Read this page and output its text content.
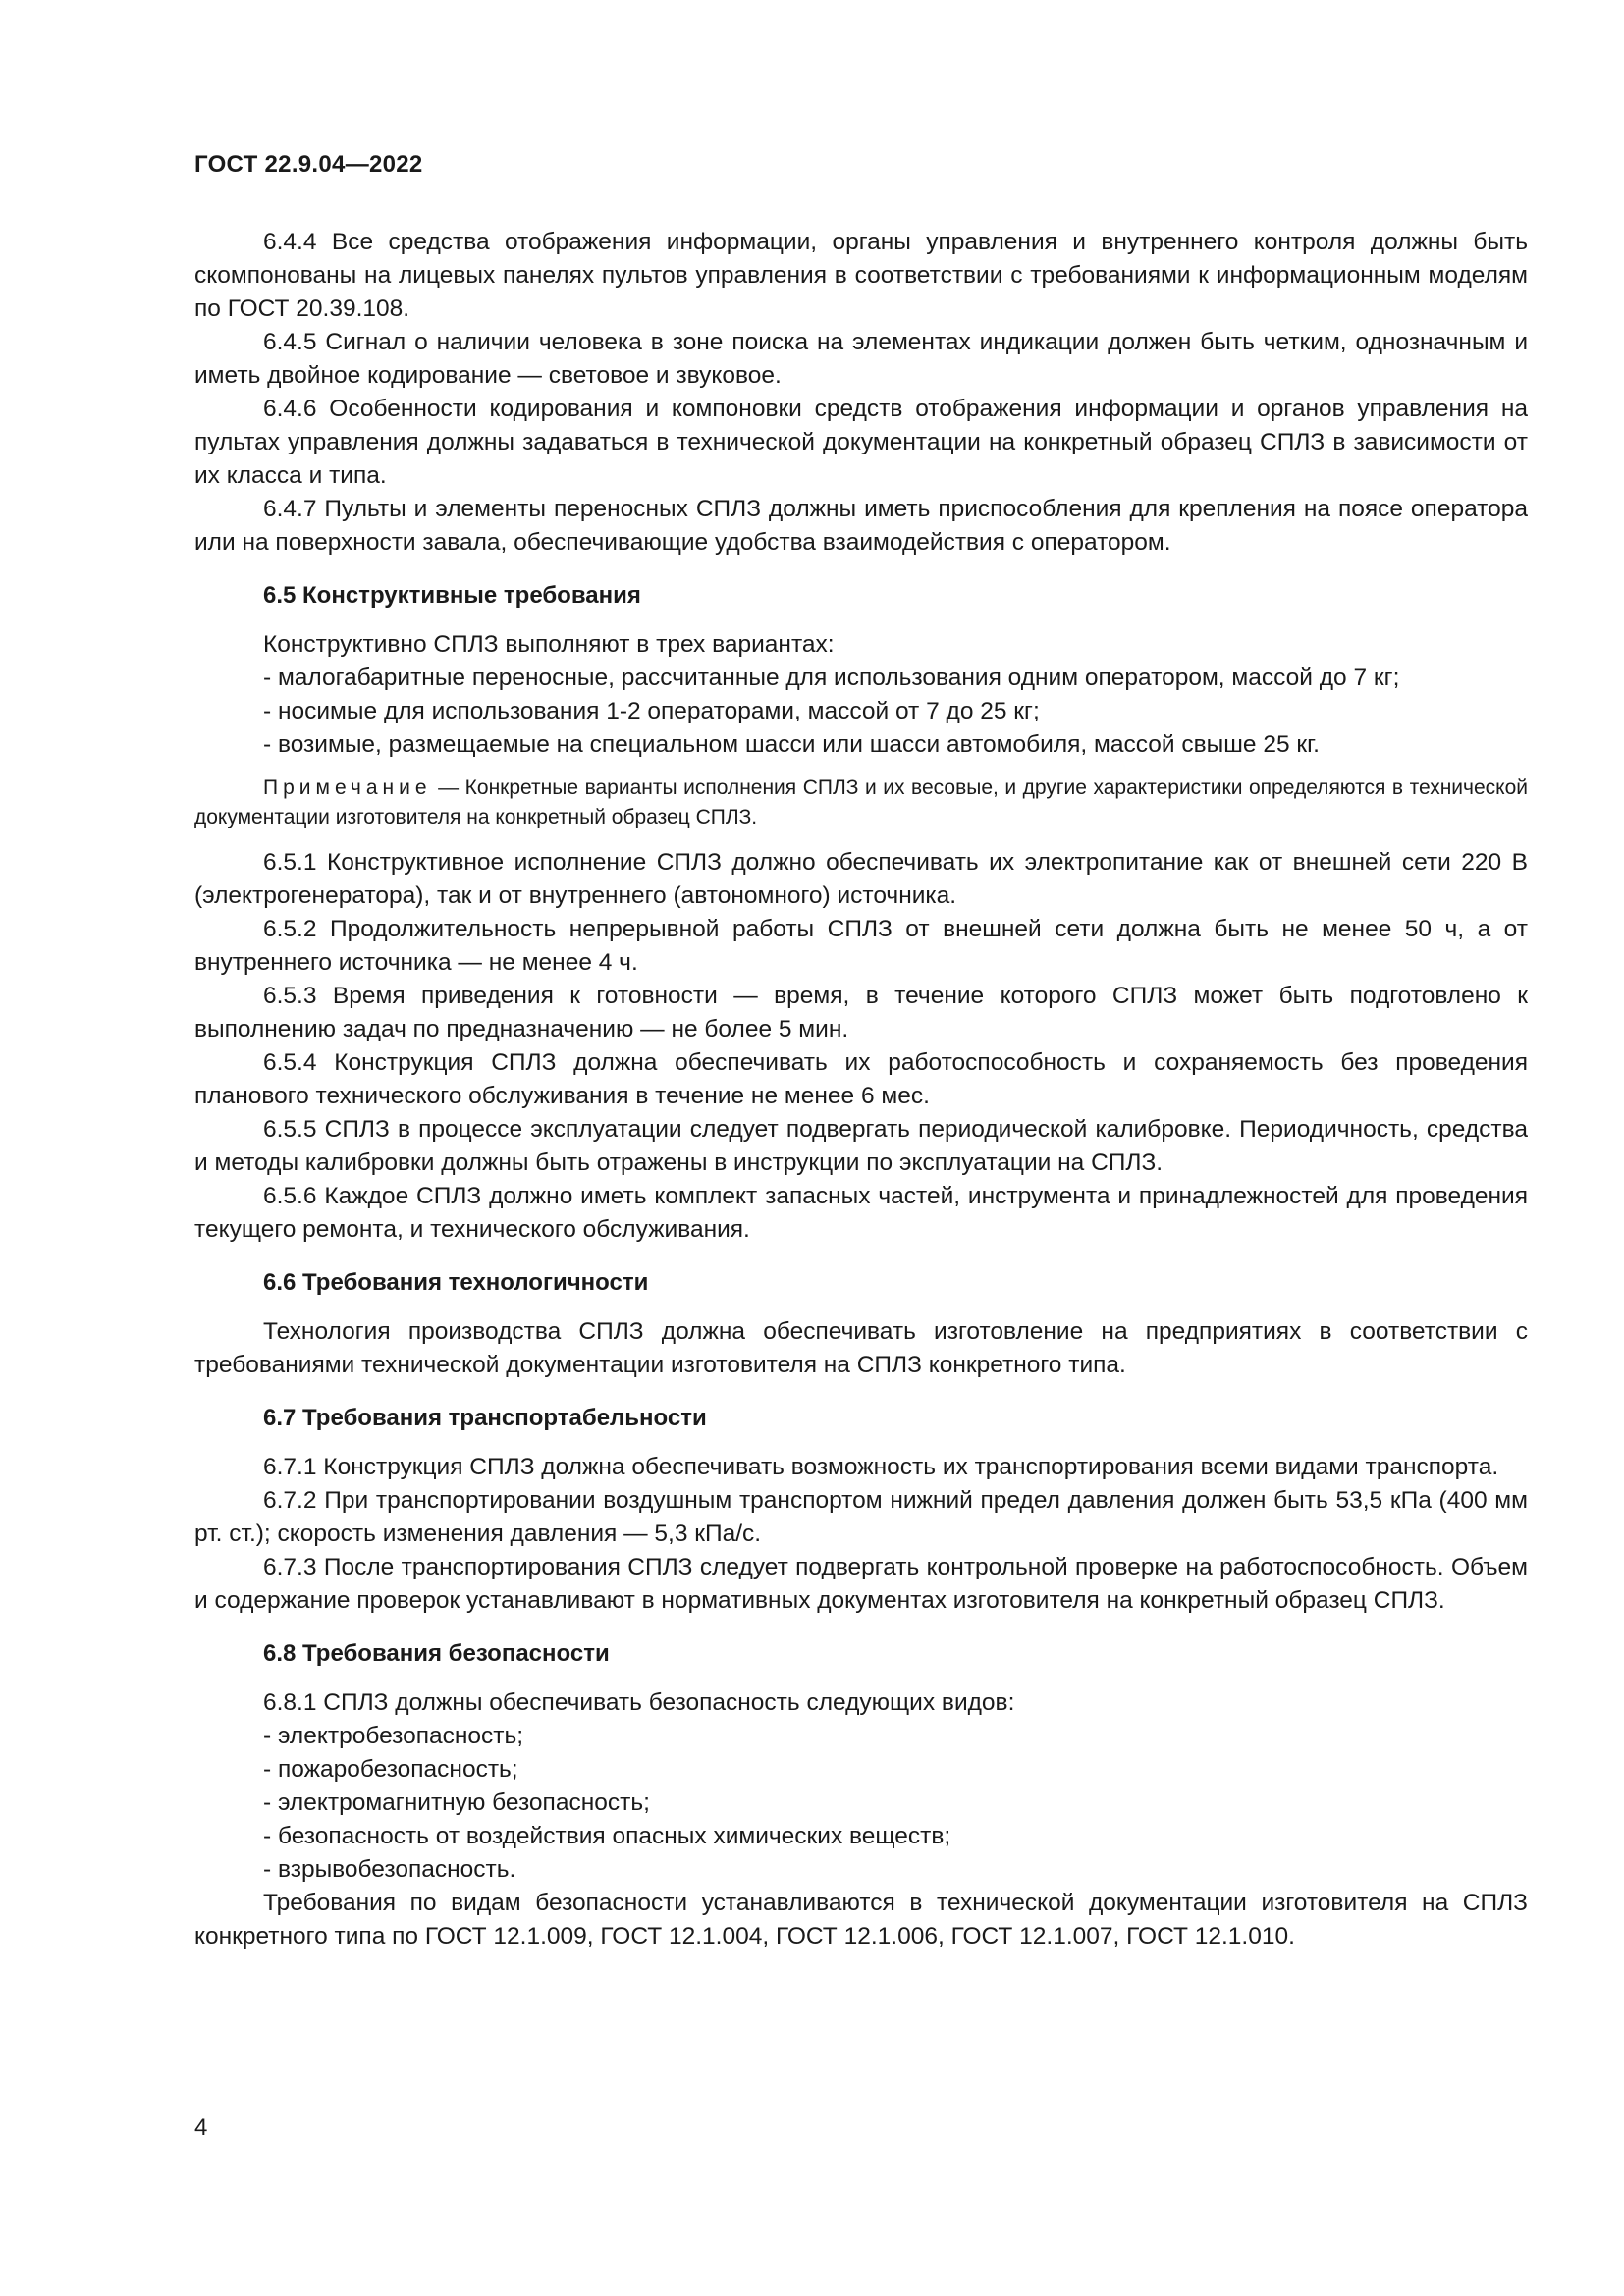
ГОСТ 22.9.04—2022

6.4.4 Все средства отображения информации, органы управления и внутреннего контроля должны быть скомпонованы на лицевых панелях пультов управления в соответствии с требованиями к информационным моделям по ГОСТ 20.39.108.

6.4.5 Сигнал о наличии человека в зоне поиска на элементах индикации должен быть четким, однозначным и иметь двойное кодирование — световое и звуковое.

6.4.6 Особенности кодирования и компоновки средств отображения информации и органов управления на пультах управления должны задаваться в технической документации на конкретный образец СПЛЗ в зависимости от их класса и типа.

6.4.7 Пульты и элементы переносных СПЛЗ должны иметь приспособления для крепления на поясе оператора или на поверхности завала, обеспечивающие удобства взаимодействия с оператором.

6.5 Конструктивные требования

Конструктивно СПЛЗ выполняют в трех вариантах:

- малогабаритные переносные, рассчитанные для использования одним оператором, массой до 7 кг;

- носимые для использования 1-2 операторами, массой от 7 до 25 кг;

- возимые, размещаемые на специальном шасси или шасси автомобиля, массой свыше 25 кг.

Примечание — Конкретные варианты исполнения СПЛЗ и их весовые, и другие характеристики определяются в технической документации изготовителя на конкретный образец СПЛЗ.

6.5.1 Конструктивное исполнение СПЛЗ должно обеспечивать их электропитание как от внешней сети 220 В (электрогенератора), так и от внутреннего (автономного) источника.

6.5.2 Продолжительность непрерывной работы СПЛЗ от внешней сети должна быть не менее 50 ч, а от внутреннего источника — не менее 4 ч.

6.5.3 Время приведения к готовности — время, в течение которого СПЛЗ может быть подготовлено к выполнению задач по предназначению — не более 5 мин.

6.5.4 Конструкция СПЛЗ должна обеспечивать их работоспособность и сохраняемость без проведения планового технического обслуживания в течение не менее 6 мес.

6.5.5 СПЛЗ в процессе эксплуатации следует подвергать периодической калибровке. Периодичность, средства и методы калибровки должны быть отражены в инструкции по эксплуатации на СПЛЗ.

6.5.6 Каждое СПЛЗ должно иметь комплект запасных частей, инструмента и принадлежностей для проведения текущего ремонта, и технического обслуживания.

6.6 Требования технологичности

Технология производства СПЛЗ должна обеспечивать изготовление на предприятиях в соответствии с требованиями технической документации изготовителя на СПЛЗ конкретного типа.

6.7 Требования транспортабельности

6.7.1 Конструкция СПЛЗ должна обеспечивать возможность их транспортирования всеми видами транспорта.

6.7.2 При транспортировании воздушным транспортом нижний предел давления должен быть 53,5 кПа (400 мм рт. ст.); скорость изменения давления — 5,3 кПа/с.

6.7.3 После транспортирования СПЛЗ следует подвергать контрольной проверке на работоспособность. Объем и содержание проверок устанавливают в нормативных документах изготовителя на конкретный образец СПЛЗ.

6.8 Требования безопасности

6.8.1 СПЛЗ должны обеспечивать безопасность следующих видов:

- электробезопасность;

- пожаробезопасность;

- электромагнитную безопасность;

- безопасность от воздействия опасных химических веществ;

- взрывобезопасность.

Требования по видам безопасности устанавливаются в технической документации изготовителя на СПЛЗ конкретного типа по ГОСТ 12.1.009, ГОСТ 12.1.004, ГОСТ 12.1.006, ГОСТ 12.1.007, ГОСТ 12.1.010.

4
